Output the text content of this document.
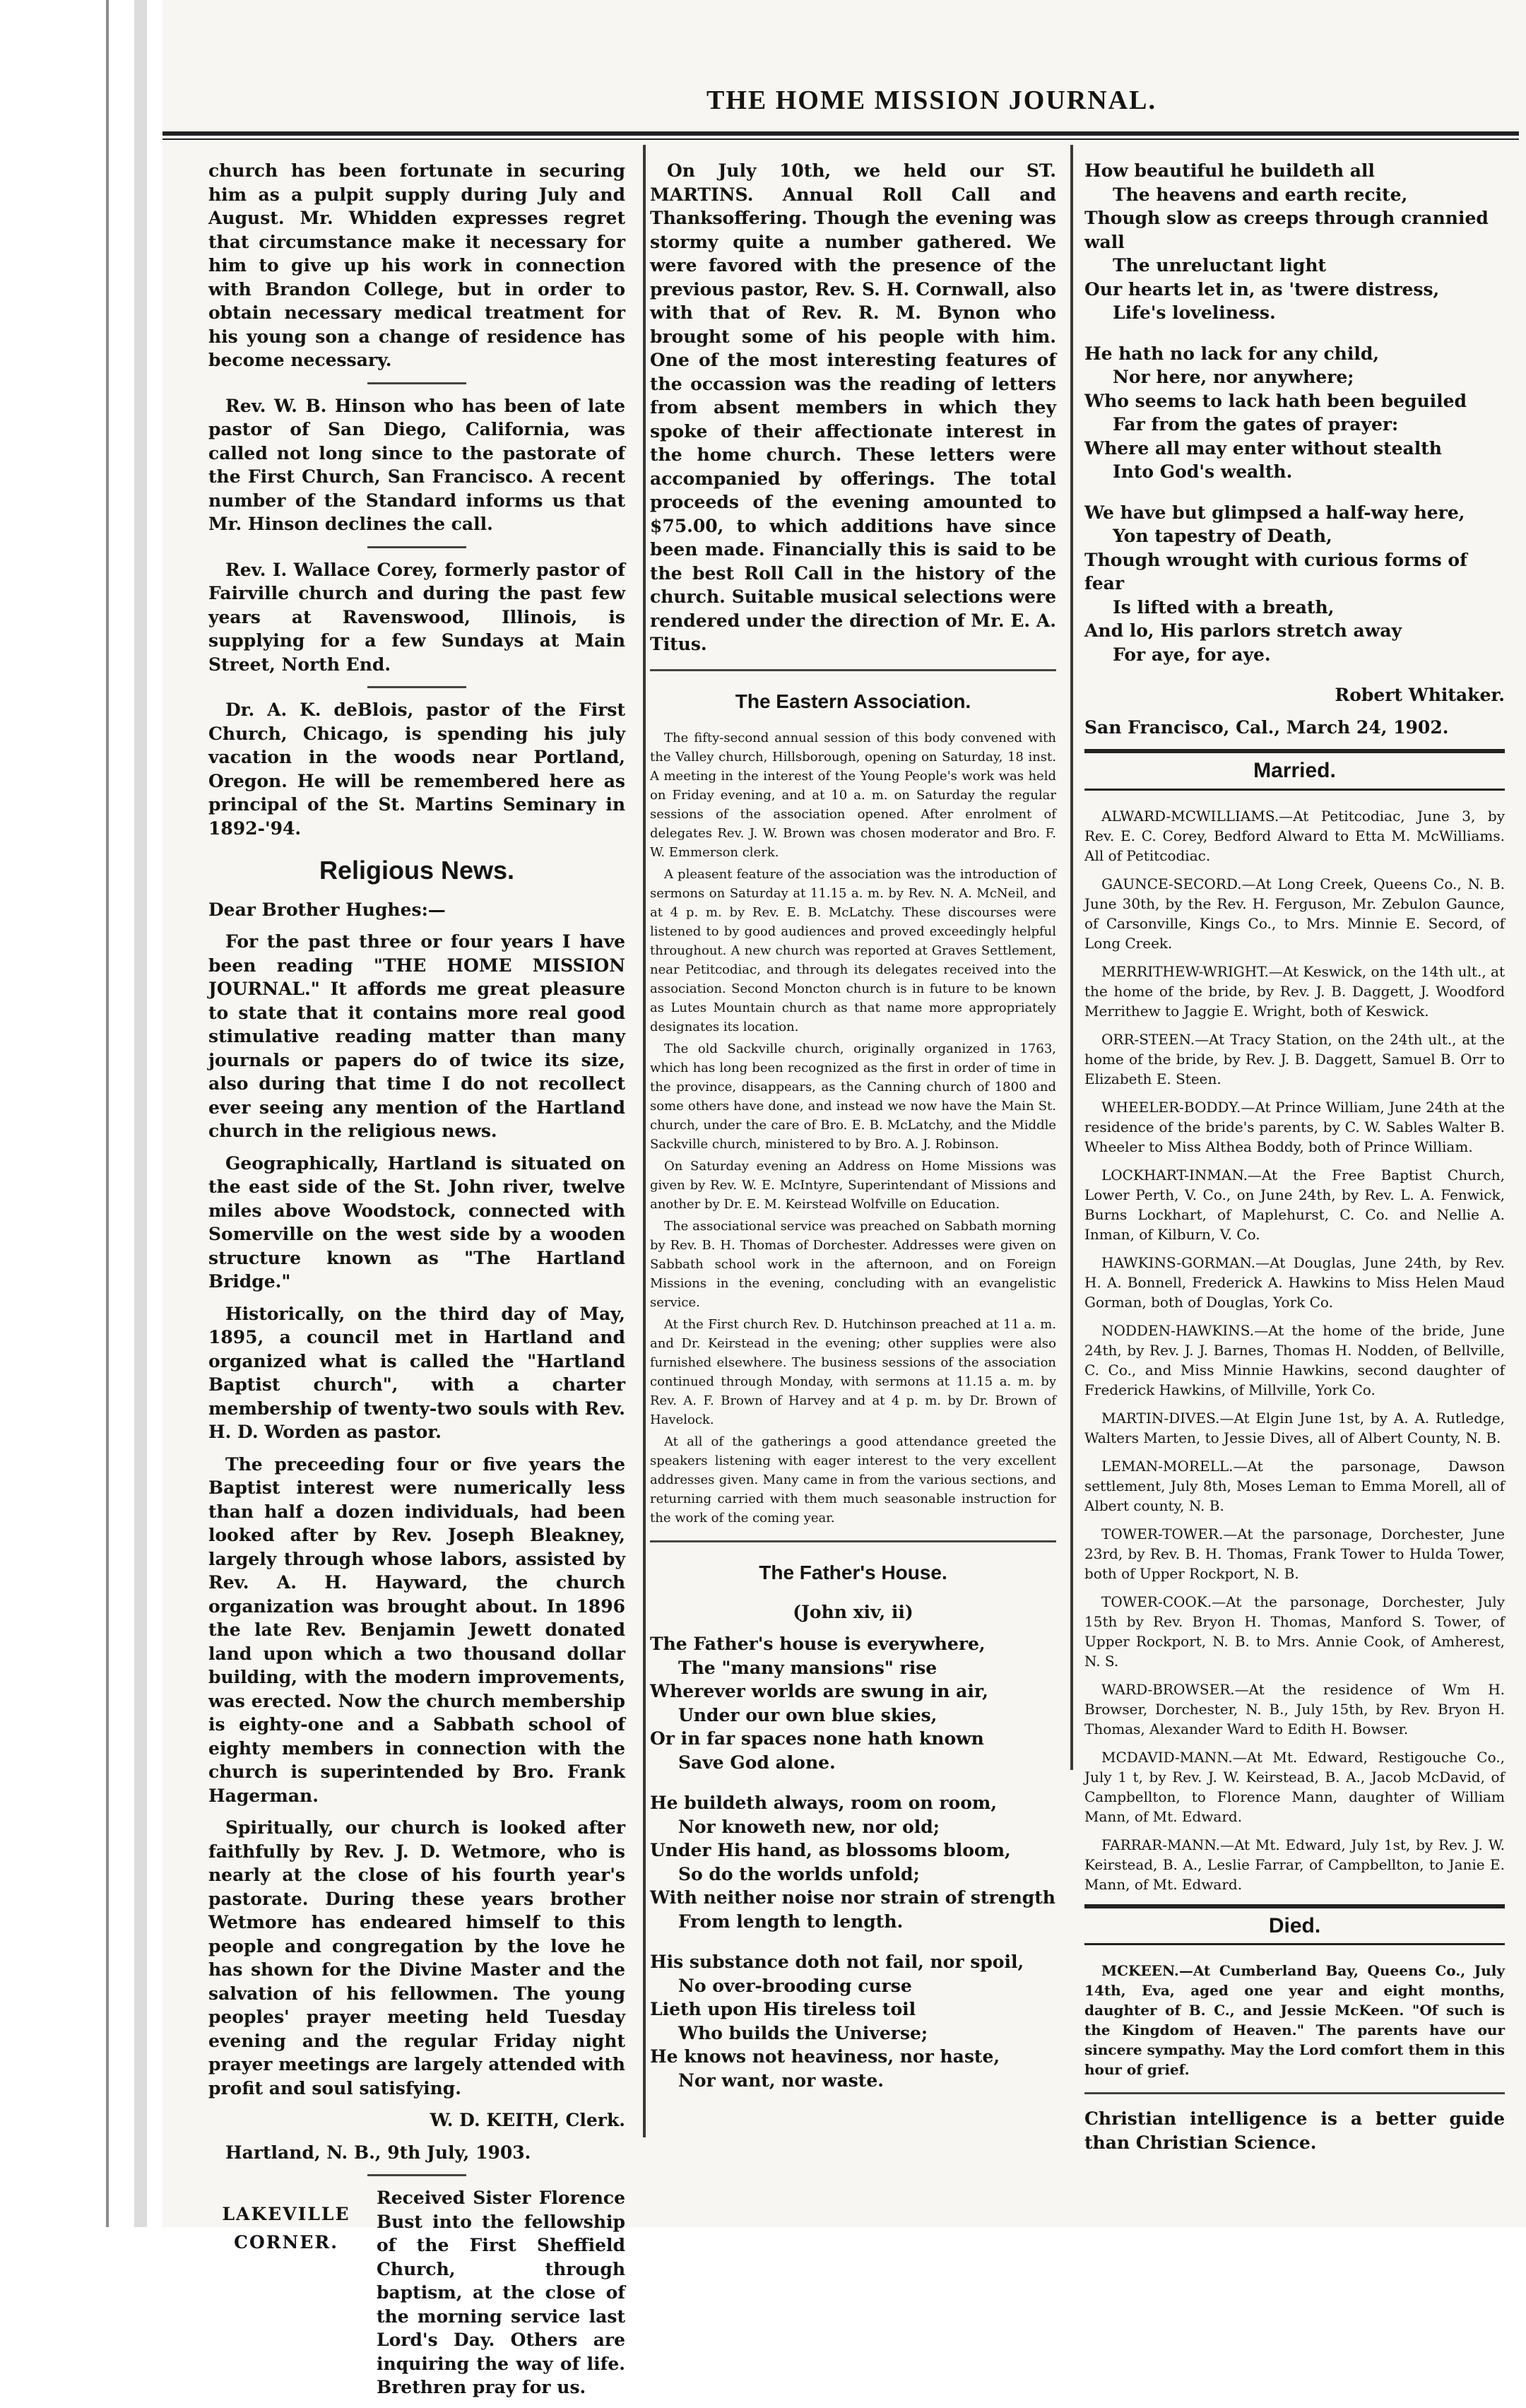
THE HOME MISSION JOURNAL.

church has been fortunate in securing him as a pulpit supply during July and August. Mr. Whidden expresses regret that circumstance make it necessary for him to give up his work in connection with Brandon College, but in order to obtain necessary medical treatment for his young son a change of residence has become necessary.

Rev. W. B. Hinson who has been of late pastor of San Diego, California, was called not long since to the pastorate of the First Church, San Francisco. A recent number of the Standard informs us that Mr. Hinson declines the call.

Rev. I. Wallace Corey, formerly pastor of Fairville church and during the past few years at Ravenswood, Illinois, is supplying for a few Sundays at Main Street, North End.

Dr. A. K. deBlois, pastor of the First Church, Chicago, is spending his july vacation in the woods near Portland, Oregon. He will be remembered here as principal of the St. Martins Seminary in 1892-'94.

Religious News.

Dear Brother Hughes:—

For the past three or four years I have been reading "THE HOME MISSION JOURNAL." It affords me great pleasure to state that it contains more real good stimulative reading matter than many journals or papers do of twice its size, also during that time I do not recollect ever seeing any mention of the Hartland church in the religious news.

Geographically, Hartland is situated on the east side of the St. John river, twelve miles above Woodstock, connected with Somerville on the west side by a wooden structure known as "The Hartland Bridge."

Historically, on the third day of May, 1895, a council met in Hartland and organized what is called the "Hartland Baptist church", with a charter membership of twenty-two souls with Rev. H. D. Worden as pastor.

The preceeding four or five years the Baptist interest were numerically less than half a dozen individuals, had been looked after by Rev. Joseph Bleakney, largely through whose labors, assisted by Rev. A. H. Hayward, the church organization was brought about. In 1896 the late Rev. Benjamin Jewett donated land upon which a two thousand dollar building, with the modern improvements, was erected. Now the church membership is eighty-one and a Sabbath school of eighty members in connection with the church is superintended by Bro. Frank Hagerman.

Spiritually, our church is looked after faithfully by Rev. J. D. Wetmore, who is nearly at the close of his fourth year's pastorate. During these years brother Wetmore has endeared himself to this people and congregation by the love he has shown for the Divine Master and the salvation of his fellowmen. The young peoples' prayer meeting held Tuesday evening and the regular Friday night prayer meetings are largely attended with profit and soul satisfying.

W. D. KEITH, Clerk.

Hartland, N. B., 9th July, 1903.

LAKEVILLE CORNER.

Received Sister Florence Bust into the fellowship of the First Sheffield Church, through baptism, at the close of the morning service last Lord's Day. Others are inquiring the way of life. Brethren pray for us.

On July 10th, we held our ST. MARTINS. Annual Roll Call and Thanksoffering. Though the evening was stormy quite a number gathered. We were favored with the presence of the previous pastor, Rev. S. H. Cornwall, also with that of Rev. R. M. Bynon who brought some of his people with him. One of the most interesting features of the occassion was the reading of letters from absent members in which they spoke of their affectionate interest in the home church. These letters were accompanied by offerings. The total proceeds of the evening amounted to $75.00, to which additions have since been made. Financially this is said to be the best Roll Call in the history of the church. Suitable musical selections were rendered under the direction of Mr. E. A. Titus.

The Eastern Association.

The fifty-second annual session of this body convened with the Valley church, Hillsborough, opening on Saturday, 18 inst. A meeting in the interest of the Young People's work was held on Friday evening, and at 10 a. m. on Saturday the regular sessions of the association opened. After enrolment of delegates Rev. J. W. Brown was chosen moderator and Bro. F. W. Emmerson clerk.

A pleasent feature of the association was the introduction of sermons on Saturday at 11.15 a. m. by Rev. N. A. McNeil, and at 4 p. m. by Rev. E. B. McLatchy. These discourses were listened to by good audiences and proved exceedingly helpful throughout. A new church was reported at Graves Settlement, near Petitcodiac, and through its delegates received into the association. Second Moncton church is in future to be known as Lutes Mountain church as that name more appropriately designates its location.

The old Sackville church, originally organized in 1763, which has long been recognized as the first in order of time in the province, disappears, as the Canning church of 1800 and some others have done, and instead we now have the Main St. church, under the care of Bro. E. B. McLatchy, and the Middle Sackville church, ministered to by Bro. A. J. Robinson.

On Saturday evening an Address on Home Missions was given by Rev. W. E. McIntyre, Superintendant of Missions and another by Dr. E. M. Keirstead Wolfville on Education.

The associational service was preached on Sabbath morning by Rev. B. H. Thomas of Dorchester. Addresses were given on Sabbath school work in the afternoon, and on Foreign Missions in the evening, concluding with an evangelistic service.

At the First church Rev. D. Hutchinson preached at 11 a. m. and Dr. Keirstead in the evening; other supplies were also furnished elsewhere. The business sessions of the association continued through Monday, with sermons at 11.15 a. m. by Rev. A. F. Brown of Harvey and at 4 p. m. by Dr. Brown of Havelock.

At all of the gatherings a good attendance greeted the speakers listening with eager interest to the very excellent addresses given. Many came in from the various sections, and returning carried with them much seasonable instruction for the work of the coming year.

The Father's House.

(John xiv, ii)

The Father's house is everywhere,

The "many mansions" rise

Wherever worlds are swung in air,

Under our own blue skies,

Or in far spaces none hath known

Save God alone.

He buildeth always, room on room,

Nor knoweth new, nor old;

Under His hand, as blossoms bloom,

So do the worlds unfold;

With neither noise nor strain of strength

From length to length.

His substance doth not fail, nor spoil,

No over-brooding curse

Lieth upon His tireless toil

Who builds the Universe;

He knows not heaviness, nor haste,

Nor want, nor waste.

How beautiful he buildeth all

The heavens and earth recite,

Though slow as creeps through crannied wall

The unreluctant light

Our hearts let in, as 'twere distress,

Life's loveliness.

He hath no lack for any child,

Nor here, nor anywhere;

Who seems to lack hath been beguiled

Far from the gates of prayer:

Where all may enter without stealth

Into God's wealth.

We have but glimpsed a half-way here,

Yon tapestry of Death,

Though wrought with curious forms of fear

Is lifted with a breath,

And lo, His parlors stretch away

For aye, for aye.

Robert Whitaker.

San Francisco, Cal., March 24, 1902.

Married.

ALWARD-MCWILLIAMS.—At Petitcodiac, June 3, by Rev. E. C. Corey, Bedford Alward to Etta M. McWilliams. All of Petitcodiac.

GAUNCE-SECORD.—At Long Creek, Queens Co., N. B. June 30th, by the Rev. H. Ferguson, Mr. Zebulon Gaunce, of Carsonville, Kings Co., to Mrs. Minnie E. Secord, of Long Creek.

MERRITHEW-WRIGHT.—At Keswick, on the 14th ult., at the home of the bride, by Rev. J. B. Daggett, J. Woodford Merrithew to Jaggie E. Wright, both of Keswick.

ORR-STEEN.—At Tracy Station, on the 24th ult., at the home of the bride, by Rev. J. B. Daggett, Samuel B. Orr to Elizabeth E. Steen.

WHEELER-BODDY.—At Prince William, June 24th at the residence of the bride's parents, by C. W. Sables Walter B. Wheeler to Miss Althea Boddy, both of Prince William.

LOCKHART-INMAN.—At the Free Baptist Church, Lower Perth, V. Co., on June 24th, by Rev. L. A. Fenwick, Burns Lockhart, of Maplehurst, C. Co. and Nellie A. Inman, of Kilburn, V. Co.

HAWKINS-GORMAN.—At Douglas, June 24th, by Rev. H. A. Bonnell, Frederick A. Hawkins to Miss Helen Maud Gorman, both of Douglas, York Co.

NODDEN-HAWKINS.—At the home of the bride, June 24th, by Rev. J. J. Barnes, Thomas H. Nodden, of Bellville, C. Co., and Miss Minnie Hawkins, second daughter of Frederick Hawkins, of Millville, York Co.

MARTIN-DIVES.—At Elgin June 1st, by A. A. Rutledge, Walters Marten, to Jessie Dives, all of Albert County, N. B.

LEMAN-MORELL.—At the parsonage, Dawson settlement, July 8th, Moses Leman to Emma Morell, all of Albert county, N. B.

TOWER-TOWER.—At the parsonage, Dorchester, June 23rd, by Rev. B. H. Thomas, Frank Tower to Hulda Tower, both of Upper Rockport, N. B.

TOWER-COOK.—At the parsonage, Dorchester, July 15th by Rev. Bryon H. Thomas, Manford S. Tower, of Upper Rockport, N. B. to Mrs. Annie Cook, of Amherest, N. S.

WARD-BROWSER.—At the residence of Wm H. Browser, Dorchester, N. B., July 15th, by Rev. Bryon H. Thomas, Alexander Ward to Edith H. Bowser.

MCDAVID-MANN.—At Mt. Edward, Restigouche Co., July 1 t, by Rev. J. W. Keirstead, B. A., Jacob McDavid, of Campbellton, to Florence Mann, daughter of William Mann, of Mt. Edward.

FARRAR-MANN.—At Mt. Edward, July 1st, by Rev. J. W. Keirstead, B. A., Leslie Farrar, of Campbellton, to Janie E. Mann, of Mt. Edward.

Died.

MCKEEN.—At Cumberland Bay, Queens Co., July 14th, Eva, aged one year and eight months, daughter of B. C., and Jessie McKeen. "Of such is the Kingdom of Heaven." The parents have our sincere sympathy. May the Lord comfort them in this hour of grief.

Christian intelligence is a better guide than Christian Science.
